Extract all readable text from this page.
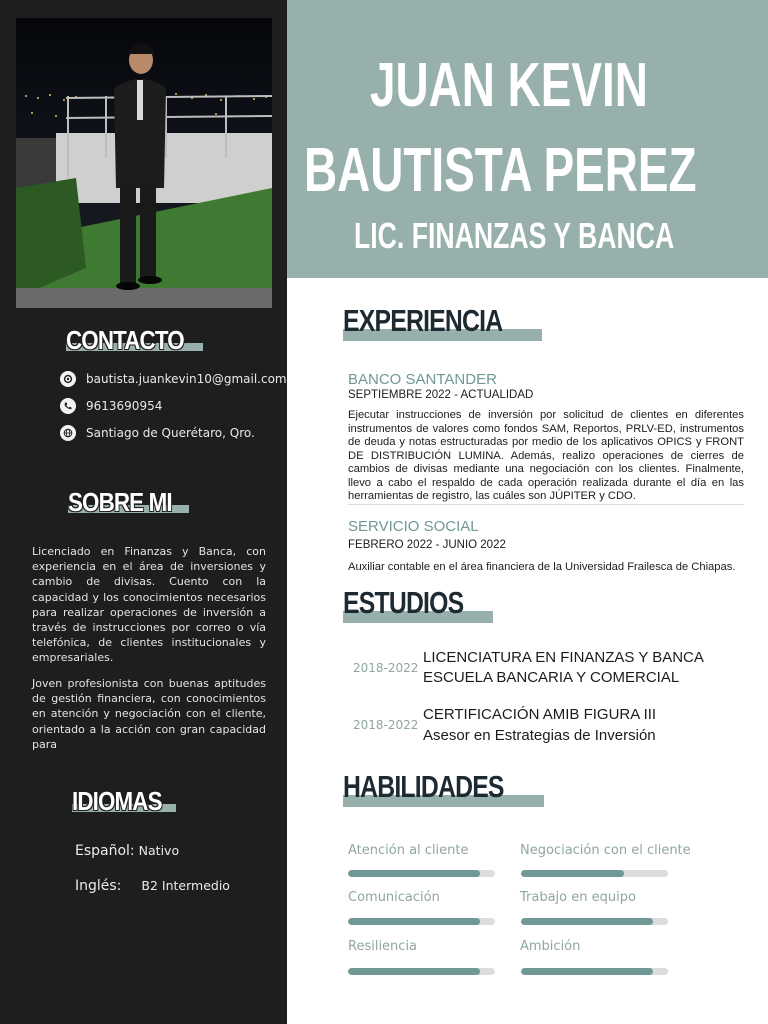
CONTACTO
bautista.juankevin10@gmail.com
9613690954
Santiago de Querétaro, Qro.
SOBRE MI

Licenciado en Finanzas y Banca, con experiencia en el área de inversiones y cambio de divisas. Cuento con la capacidad y los conocimientos necesarios para realizar operaciones de inversión a través de instrucciones por correo o vía telefónica, de clientes institucionales y empresariales.

Joven profesionista con buenas aptitudes de gestión financiera, con conocimientos en atención y negociación con el cliente, orientado a la acción con gran capacidad para

IDIOMAS
Español: Nativo
Inglés: B2 Intermedio
JUAN KEVIN
BAUTISTA PEREZ
LIC. FINANZAS Y BANCA
EXPERIENCIA
BANCO SANTANDER
SEPTIEMBRE 2022 - ACTUALIDAD

Ejecutar instrucciones de inversión por solicitud de clientes en diferentes instrumentos de valores como fondos SAM, Reportos, PRLV-ED, instrumentos de deuda y notas estructuradas por medio de los aplicativos OPICS y FRONT DE DISTRIBUCIÓN LUMINA. Además, realizo operaciones de cierres de cambios de divisas mediante una negociación con los clientes. Finalmente, llevo a cabo el respaldo de cada operación realizada durante el día en las herramientas de registro, las cuáles son JÚPITER y CDO.

SERVICIO SOCIAL
FEBRERO 2022 - JUNIO 2022

Auxiliar contable en el área financiera de la Universidad Frailesca de Chiapas.

ESTUDIOS
2018-2022
LICENCIATURA EN FINANZAS Y BANCA
ESCUELA BANCARIA Y COMERCIAL
2018-2022
CERTIFICACIÓN AMIB FIGURA III
Asesor en Estrategias de Inversión
HABILIDADES
Atención al cliente	Negociación con el cliente
Comunicación	Trabajo en equipo
Resiliencia	Ambición
